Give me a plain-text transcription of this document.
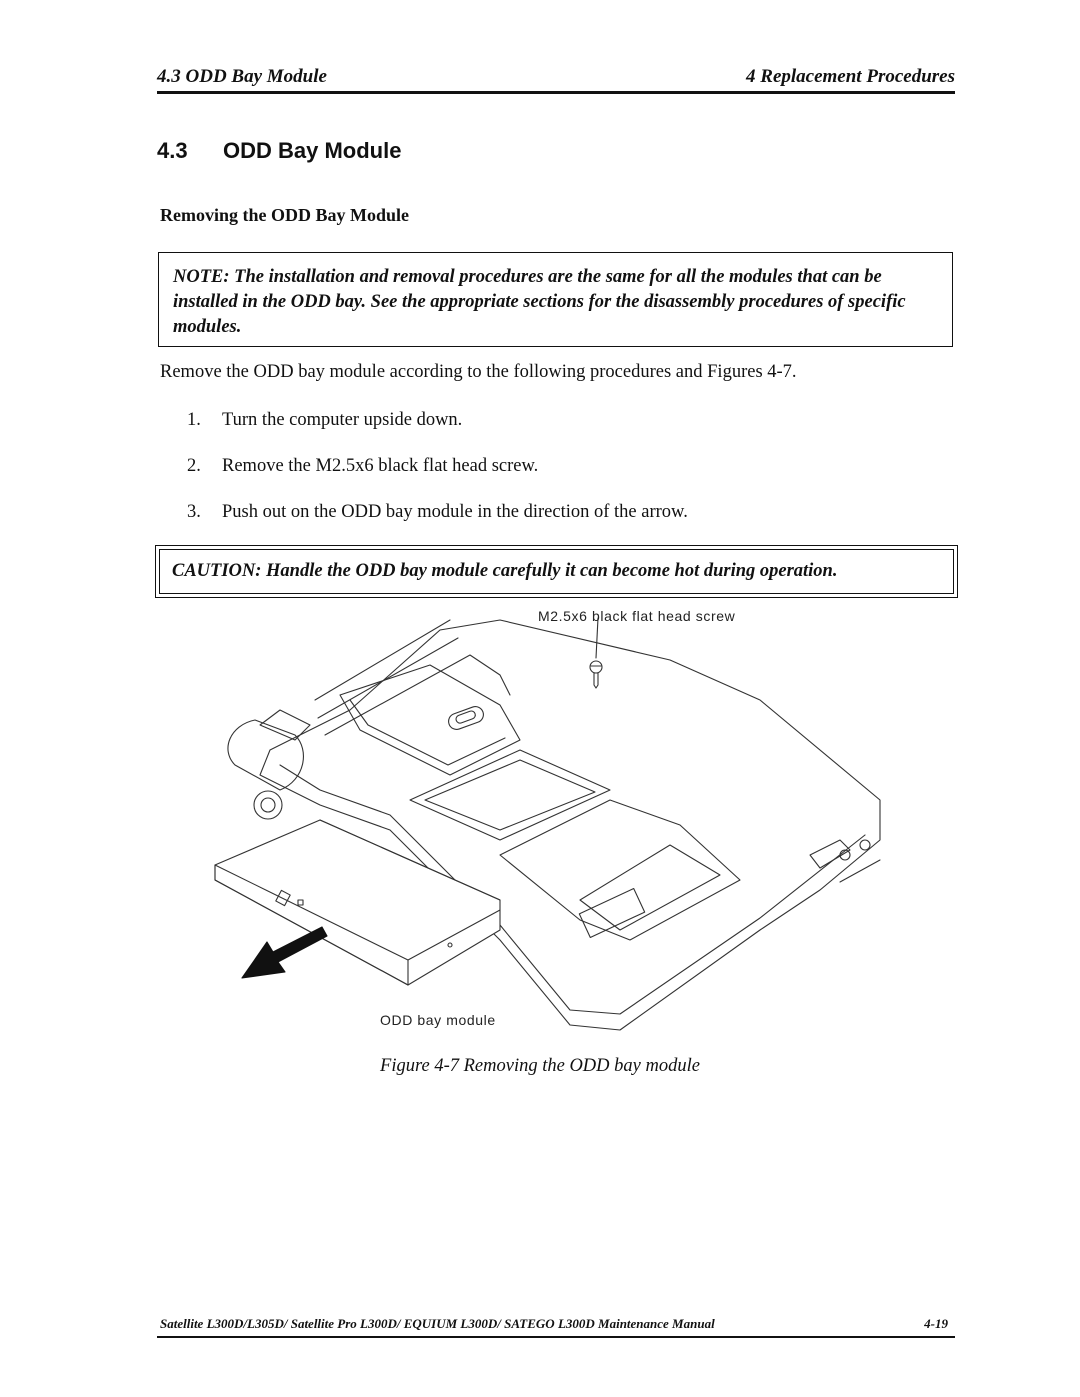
4.3 ODD Bay Module	4 Replacement Procedures
4.3 ODD Bay Module
Removing the ODD Bay Module
NOTE: The installation and removal procedures are the same for all the modules that can be installed in the ODD bay. See the appropriate sections for the disassembly procedures of specific modules.

Remove the ODD bay module according to the following procedures and Figures 4-7.

1. Turn the computer upside down.
2. Remove the M2.5x6 black flat head screw.
3. Push out on the ODD bay module in the direction of the arrow.
CAUTION: Handle the ODD bay module carefully it can become hot during operation.
M2.5x6 black flat head screw
ODD bay module
Figure 4-7 Removing the ODD bay module
Satellite L300D/L305D/ Satellite Pro L300D/ EQUIUM L300D/ SATEGO L300D Maintenance Manual	4-19
